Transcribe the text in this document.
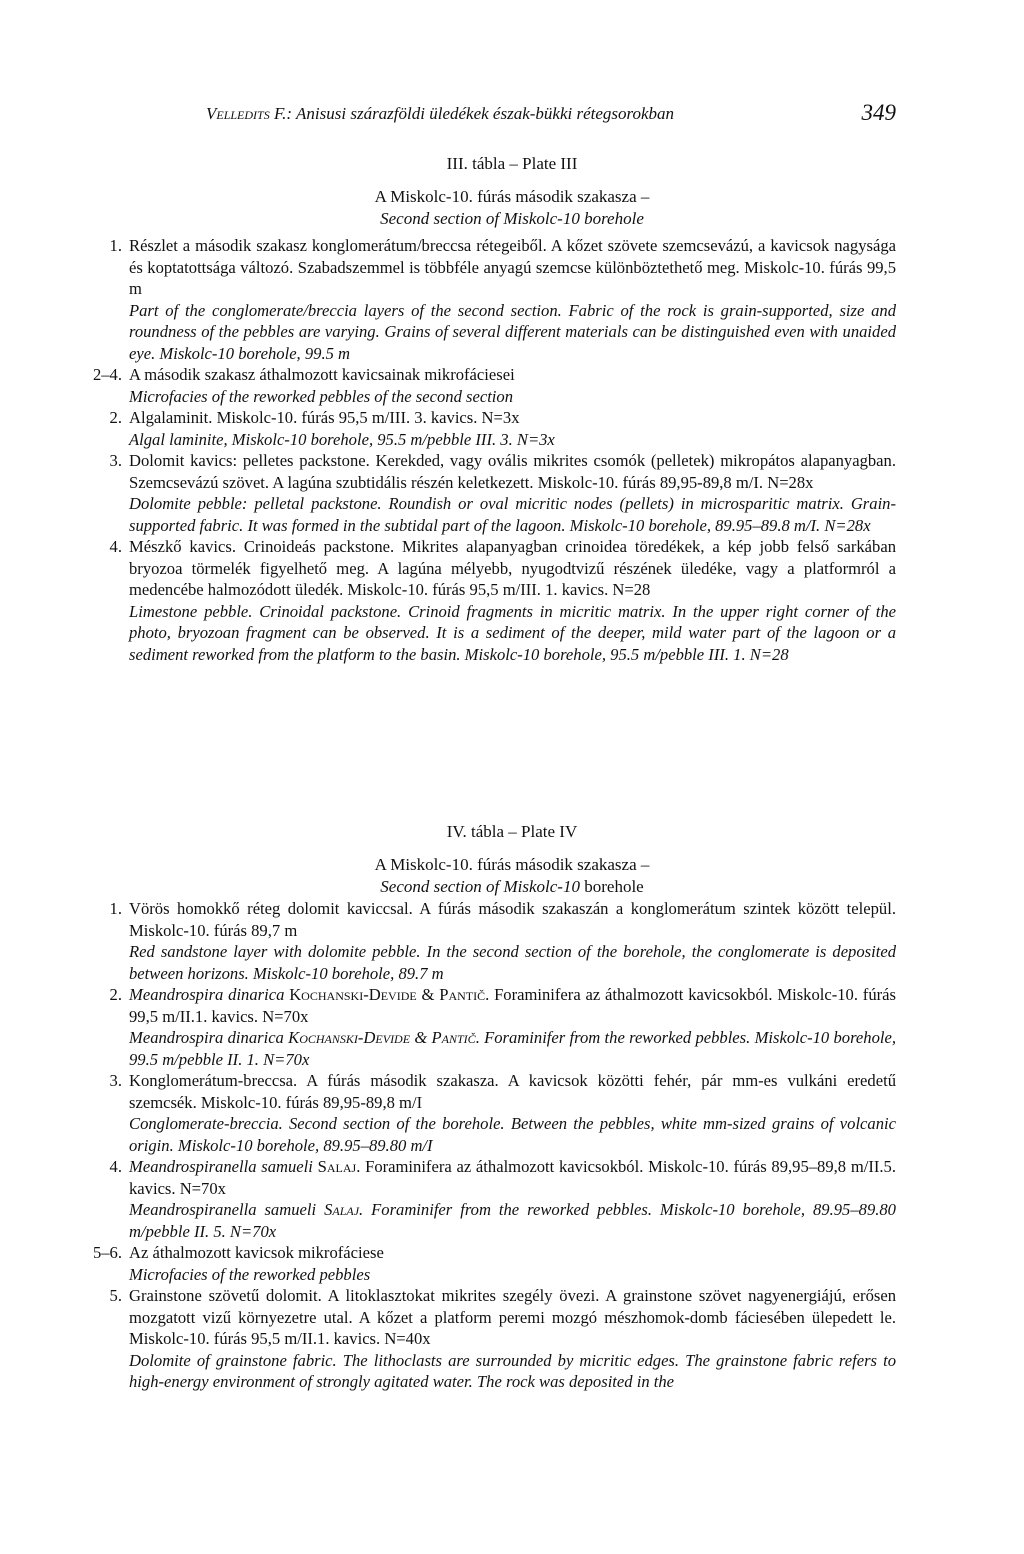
Velledits F.: Anisusi szárazföldi üledékek észak-bükki rétegsorokban	349
III. tábla – Plate III
A Miskolc-10. fúrás második szakasza –
Second section of Miskolc-10 borehole
1. Részlet a második szakasz konglomerátum/breccsa rétegeiből. A kőzet szövete szemcsevázú, a kavicsok nagysága és koptatottsága változó. Szabadszemmel is többféle anyagú szemcse különböztethető meg. Miskolc-10. fúrás 99,5 m

Part of the conglomerate/breccia layers of the second section. Fabric of the rock is grain-supported, size and roundness of the pebbles are varying. Grains of several different materials can be distinguished even with unaided eye. Miskolc-10 borehole, 99.5 m

2–4. A második szakasz áthalmozott kavicsainak mikrofáciesei

Microfacies of the reworked pebbles of the second section

2. Algalaminit. Miskolc-10. fúrás 95,5 m/III. 3. kavics. N=3x

Algal laminite, Miskolc-10 borehole, 95.5 m/pebble III. 3. N=3x

3. Dolomit kavics: pelletes packstone. Kerekded, vagy ovális mikrites csomók (pelletek) mikropátos alapanyagban. Szemcsevázú szövet. A lagúna szubtidális részén keletkezett. Miskolc-10. fúrás 89,95-89,8 m/I. N=28x

Dolomite pebble: pelletal packstone. Roundish or oval micritic nodes (pellets) in microsparitic matrix. Grain-supported fabric. It was formed in the subtidal part of the lagoon. Miskolc-10 borehole, 89.95–89.8 m/I. N=28x

4. Mészkő kavics. Crinoideás packstone. Mikrites alapanyagban crinoidea töredékek, a kép jobb felső sarkában bryozoa törmelék figyelhető meg. A lagúna mélyebb, nyugodtvizű részének üledéke, vagy a platformról a medencébe halmozódott üledék. Miskolc-10. fúrás 95,5 m/III. 1. kavics. N=28

Limestone pebble. Crinoidal packstone. Crinoid fragments in micritic matrix. In the upper right corner of the photo, bryozoan fragment can be observed. It is a sediment of the deeper, mild water part of the lagoon or a sediment reworked from the platform to the basin. Miskolc-10 borehole, 95.5 m/pebble III. 1. N=28

IV. tábla – Plate IV
A Miskolc-10. fúrás második szakasza –
Second section of Miskolc-10 borehole
1. Vörös homokkő réteg dolomit kaviccsal. A fúrás második szakaszán a konglomerátum szintek között települ. Miskolc-10. fúrás 89,7 m

Red sandstone layer with dolomite pebble. In the second section of the borehole, the conglomerate is deposited between horizons. Miskolc-10 borehole, 89.7 m

2. Meandrospira dinarica Kochanski-Devide & Pantič. Foraminifera az áthalmozott kavicsokból. Miskolc-10. fúrás 99,5 m/II.1. kavics. N=70x

Meandrospira dinarica Kochanski-Devide & Pantič. Foraminifer from the reworked pebbles. Miskolc-10 borehole, 99.5 m/pebble II. 1. N=70x

3. Konglomerátum-breccsa. A fúrás második szakasza. A kavicsok közötti fehér, pár mm-es vulkáni eredetű szemcsék. Miskolc-10. fúrás 89,95-89,8 m/I

Conglomerate-breccia. Second section of the borehole. Between the pebbles, white mm-sized grains of volcanic origin. Miskolc-10 borehole, 89.95–89.80 m/I

4. Meandrospiranella samueli Salaj. Foraminifera az áthalmozott kavicsokból. Miskolc-10. fúrás 89,95–89,8 m/II.5. kavics. N=70x

Meandrospiranella samueli Salaj. Foraminifer from the reworked pebbles. Miskolc-10 borehole, 89.95–89.80 m/pebble II. 5. N=70x

5–6. Az áthalmozott kavicsok mikrofáciese

Microfacies of the reworked pebbles

5. Grainstone szövetű dolomit. A litoklasztokat mikrites szegély övezi. A grainstone szövet nagyenergiájú, erősen mozgatott vizű környezetre utal. A kőzet a platform peremi mozgó mészhomok-domb fáciesében ülepedett le. Miskolc-10. fúrás 95,5 m/II.1. kavics. N=40x

Dolomite of grainstone fabric. The lithoclasts are surrounded by micritic edges. The grainstone fabric refers to high-energy environment of strongly agitated water. The rock was deposited in the
